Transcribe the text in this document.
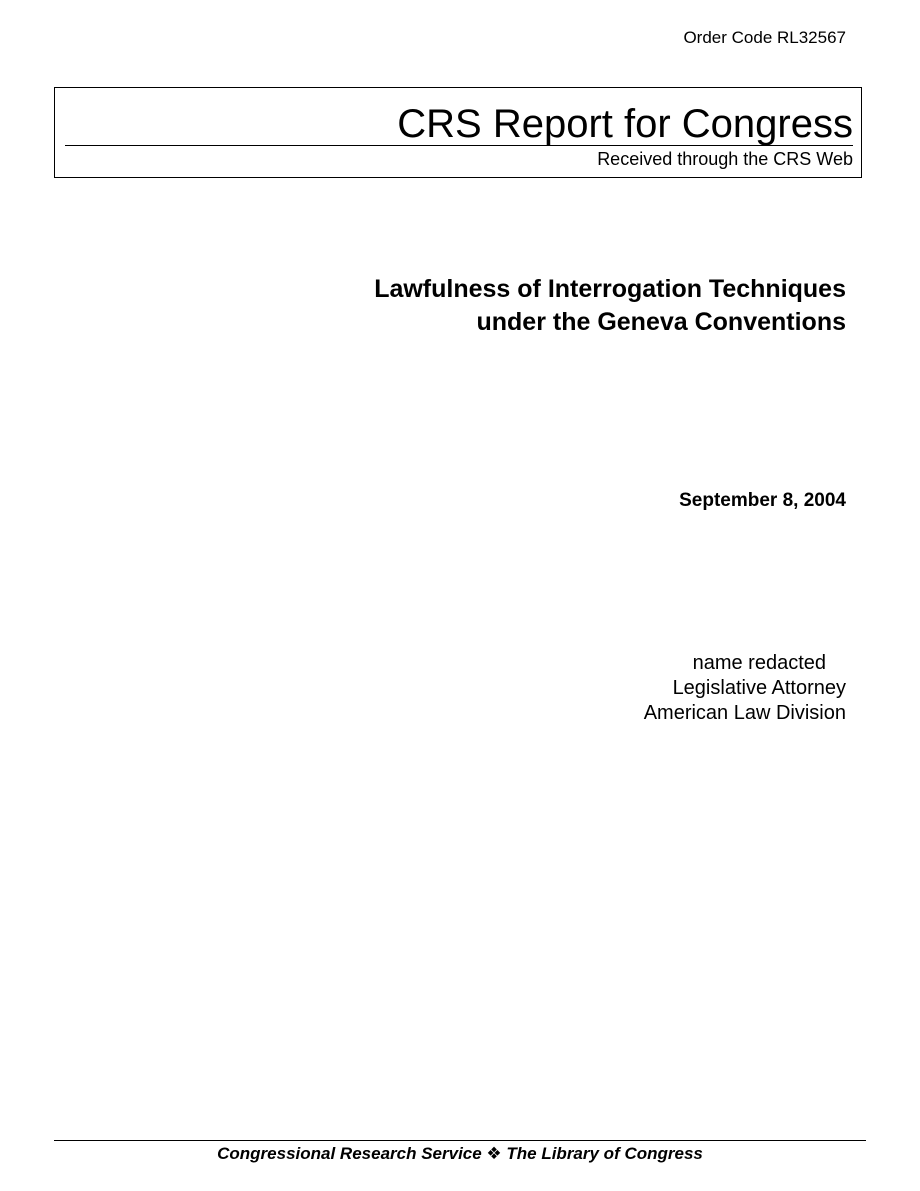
Order Code RL32567
CRS Report for Congress
Received through the CRS Web
Lawfulness of Interrogation Techniques
under the Geneva Conventions
September 8, 2004
name redacted
Legislative Attorney
American Law Division
Congressional Research Service ❖ The Library of Congress
